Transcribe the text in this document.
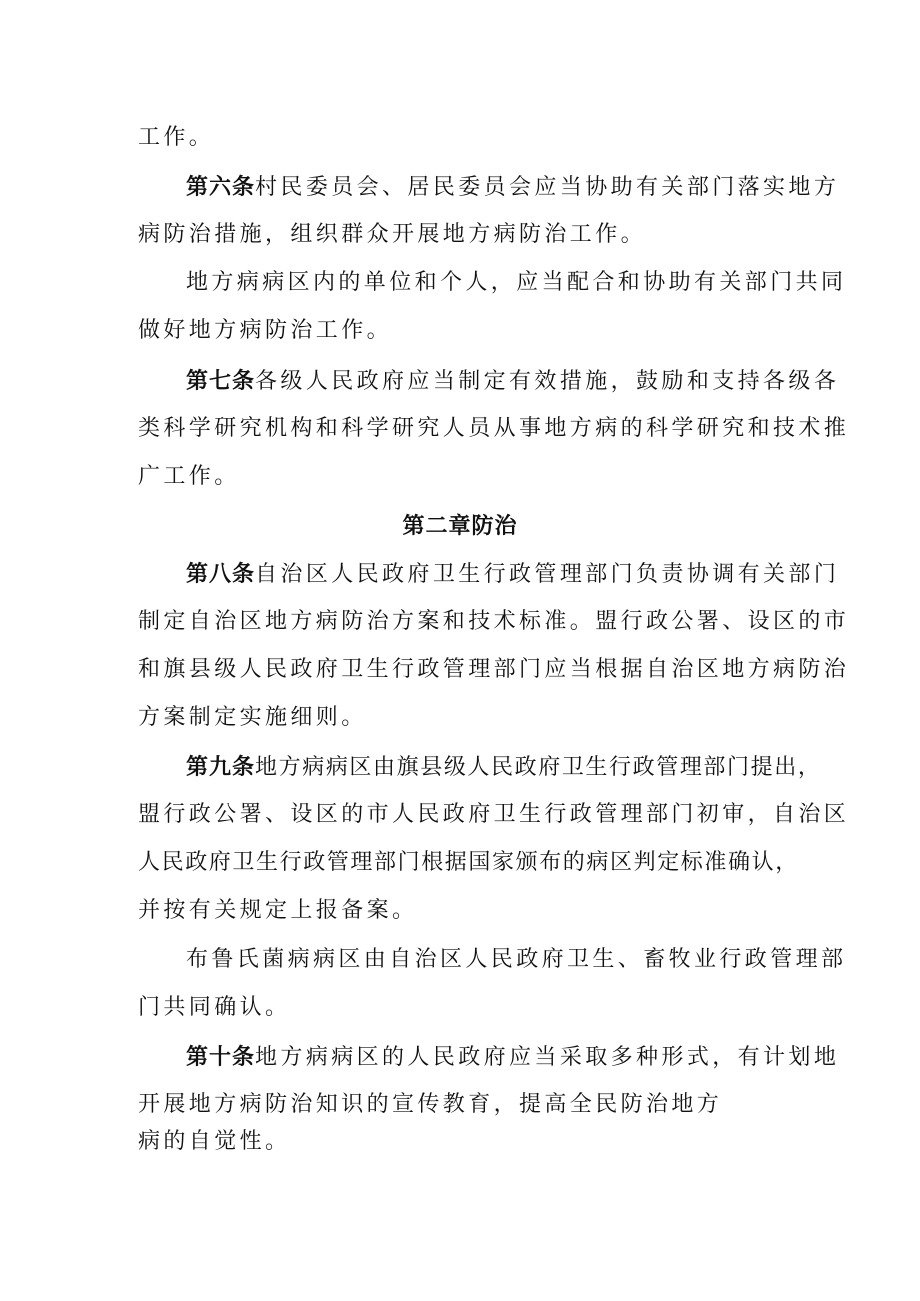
工作。
第六条村民委员会、居民委员会应当协助有关部门落实地方
病防治措施，组织群众开展地方病防治工作。
地方病病区内的单位和个人，应当配合和协助有关部门共同
做好地方病防治工作。
第七条各级人民政府应当制定有效措施，鼓励和支持各级各
类科学研究机构和科学研究人员从事地方病的科学研究和技术推
广工作。
第二章防治
第八条自治区人民政府卫生行政管理部门负责协调有关部门
制定自治区地方病防治方案和技术标准。盟行政公署、设区的市
和旗县级人民政府卫生行政管理部门应当根据自治区地方病防治
方案制定实施细则。
第九条地方病病区由旗县级人民政府卫生行政管理部门提出，
盟行政公署、设区的市人民政府卫生行政管理部门初审，自治区
人民政府卫生行政管理部门根据国家颁布的病区判定标准确认，
并按有关规定上报备案。
布鲁氏菌病病区由自治区人民政府卫生、畜牧业行政管理部
门共同确认。
第十条地方病病区的人民政府应当采取多种形式，有计划地
开展地方病防治知识的宣传教育，提高全民防治地方
病的自觉性。
